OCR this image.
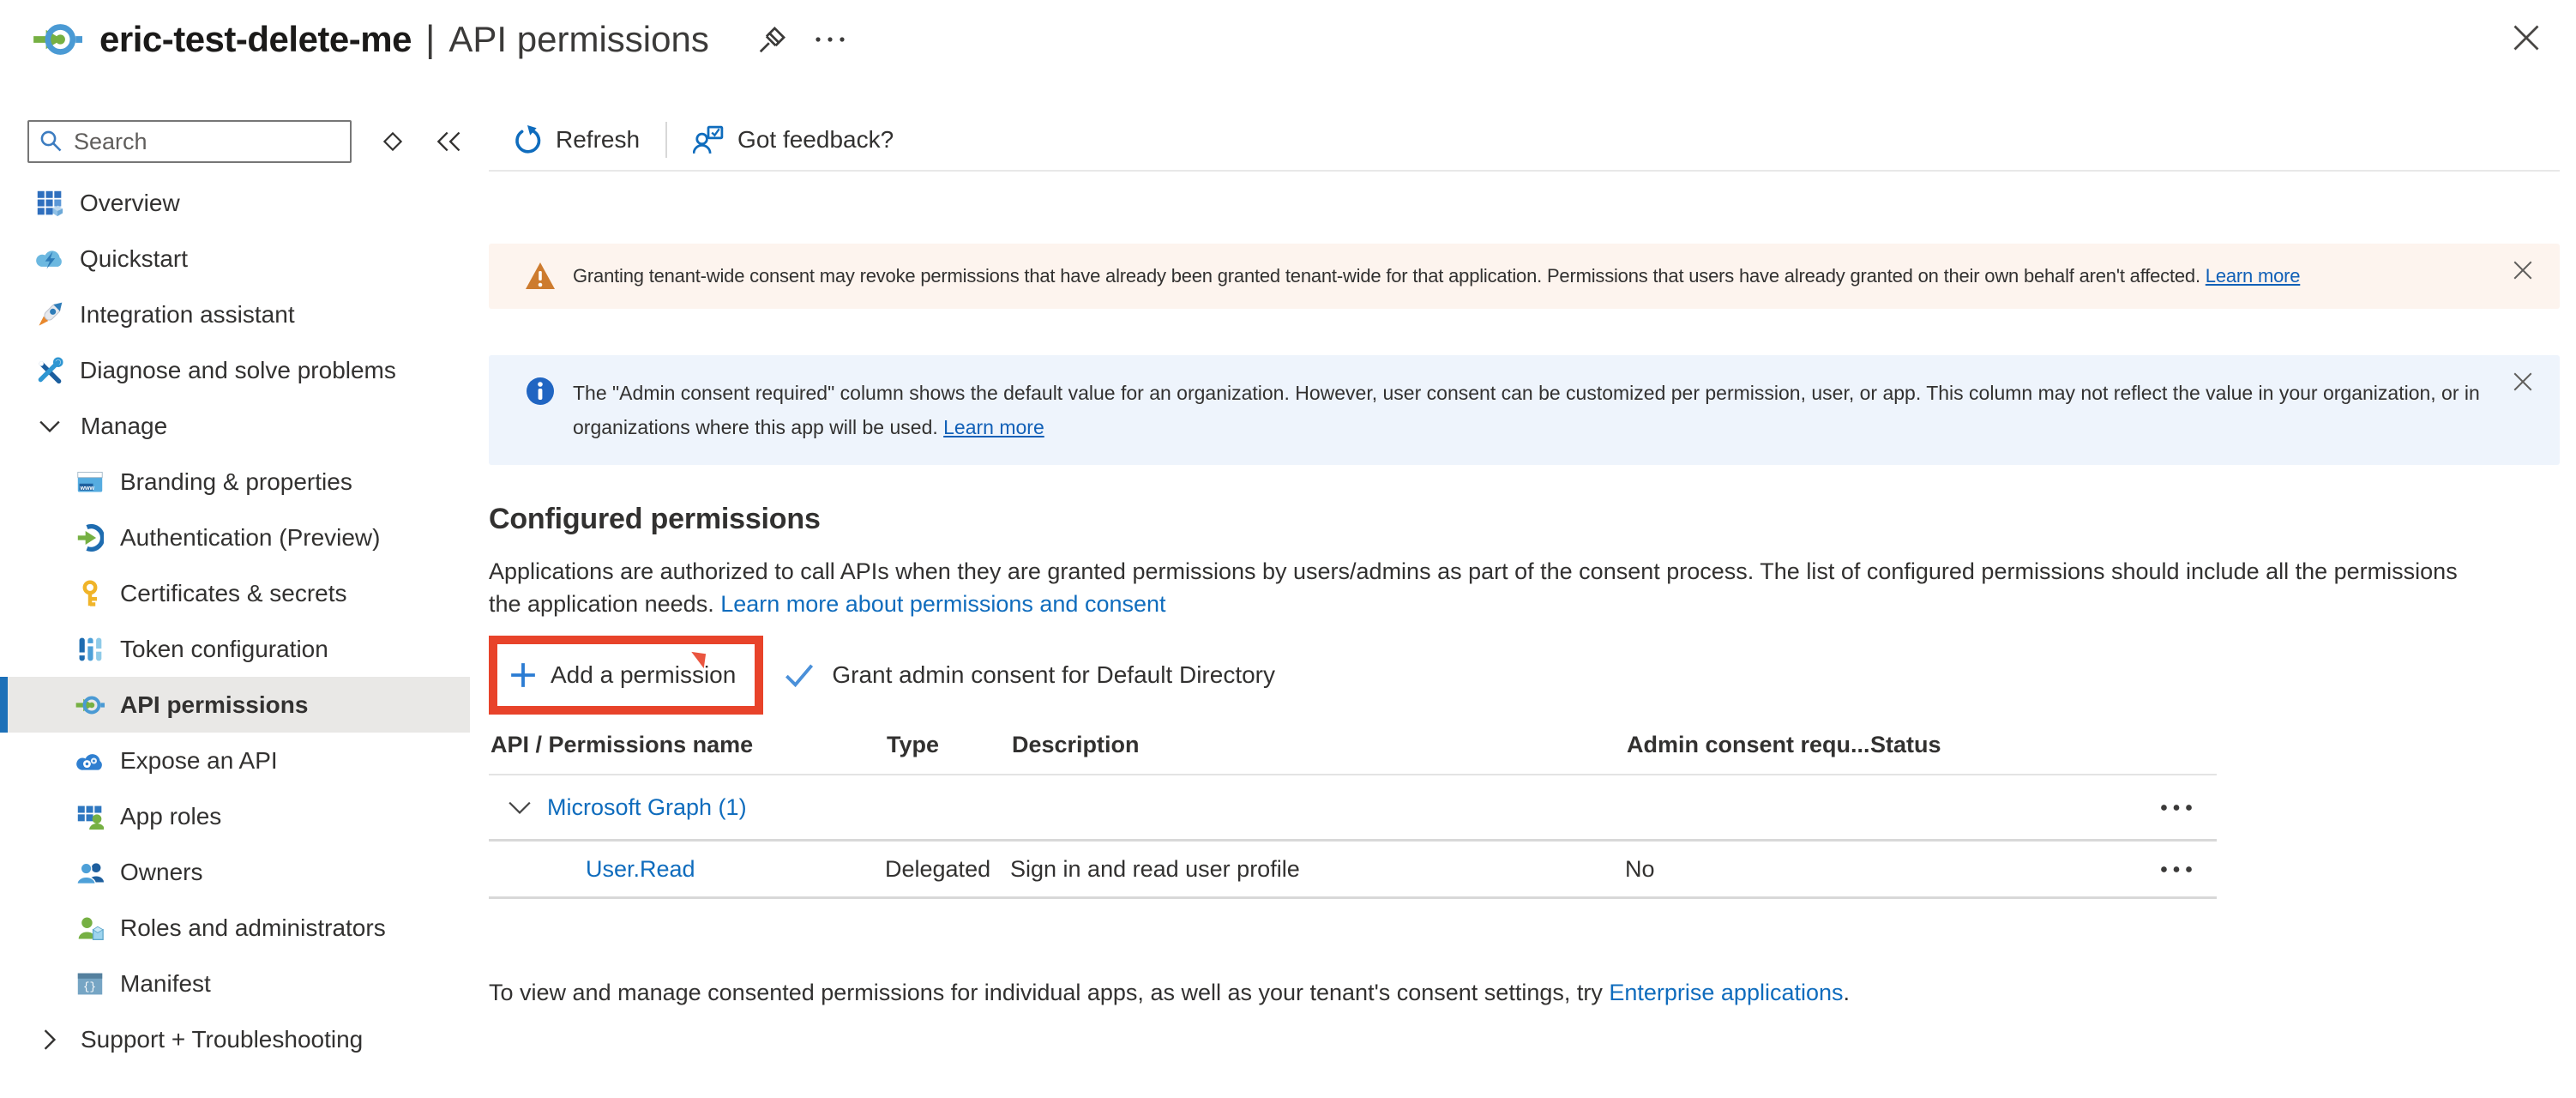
eric-test-delete-me | API permissions
Search
Overview
Quickstart
Integration assistant
Diagnose and solve problems
Manage
www Branding & properties
Authentication (Preview)
Certificates & secrets
Token configuration
API permissions
Expose an API
App roles
Owners
Roles and administrators
{} Manifest
Support + Troubleshooting
Refresh	Got feedback?
Granting tenant-wide consent may revoke permissions that have already been granted tenant-wide for that application. Permissions that users have already granted on their own behalf aren't affected. Learn more
The "Admin consent required" column shows the default value for an organization. However, user consent can be customized per permission, user, or app. This column may not reflect the value in your organization, or in organizations where this app will be used. Learn more
Configured permissions
Applications are authorized to call APIs when they are granted permissions by users/admins as part of the consent process. The list of configured permissions should include all the permissions the application needs. Learn more about permissions and consent
Add a permission	Grant admin consent for Default Directory
API / Permissions name	Type	Description	Admin consent requ... Status
Microsoft Graph (1)
User.Read	Delegated Sign in and read user profile	No
To view and manage consented permissions for individual apps, as well as your tenant's consent settings, try Enterprise applications.
